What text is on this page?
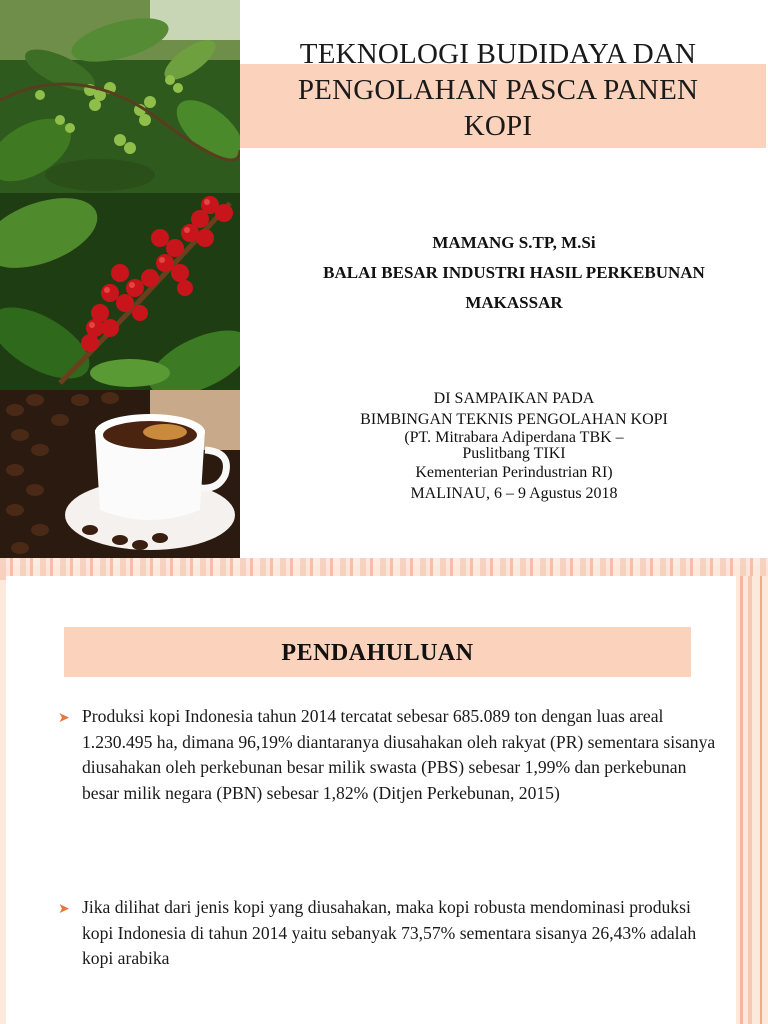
TEKNOLOGI BUDIDAYA DAN
PENGOLAHAN PASCA PANEN
KOPI
MAMANG S.TP, M.Si
BALAI BESAR INDUSTRI HASIL PERKEBUNAN
MAKASSAR
DI SAMPAIKAN PADA
BIMBINGAN TEKNIS PENGOLAHAN KOPI
(PT. Mitrabara Adiperdana TBK –
Puslitbang TIKI
Kementerian Perindustrian RI)
MALINAU, 6 – 9 Agustus 2018
PENDAHULUAN
➤ Produksi kopi Indonesia tahun 2014 tercatat sebesar 685.089 ton dengan luas areal 1.230.495 ha, dimana 96,19% diantaranya diusahakan oleh rakyat (PR) sementara sisanya diusahakan oleh perkebunan besar milik swasta (PBS) sebesar 1,99% dan perkebunan besar milik negara (PBN) sebesar 1,82% (Ditjen Perkebunan, 2015)
➤ Jika dilihat dari jenis kopi yang diusahakan, maka kopi robusta mendominasi produksi kopi Indonesia di tahun 2014 yaitu sebanyak 73,57% sementara sisanya 26,43% adalah kopi arabika
